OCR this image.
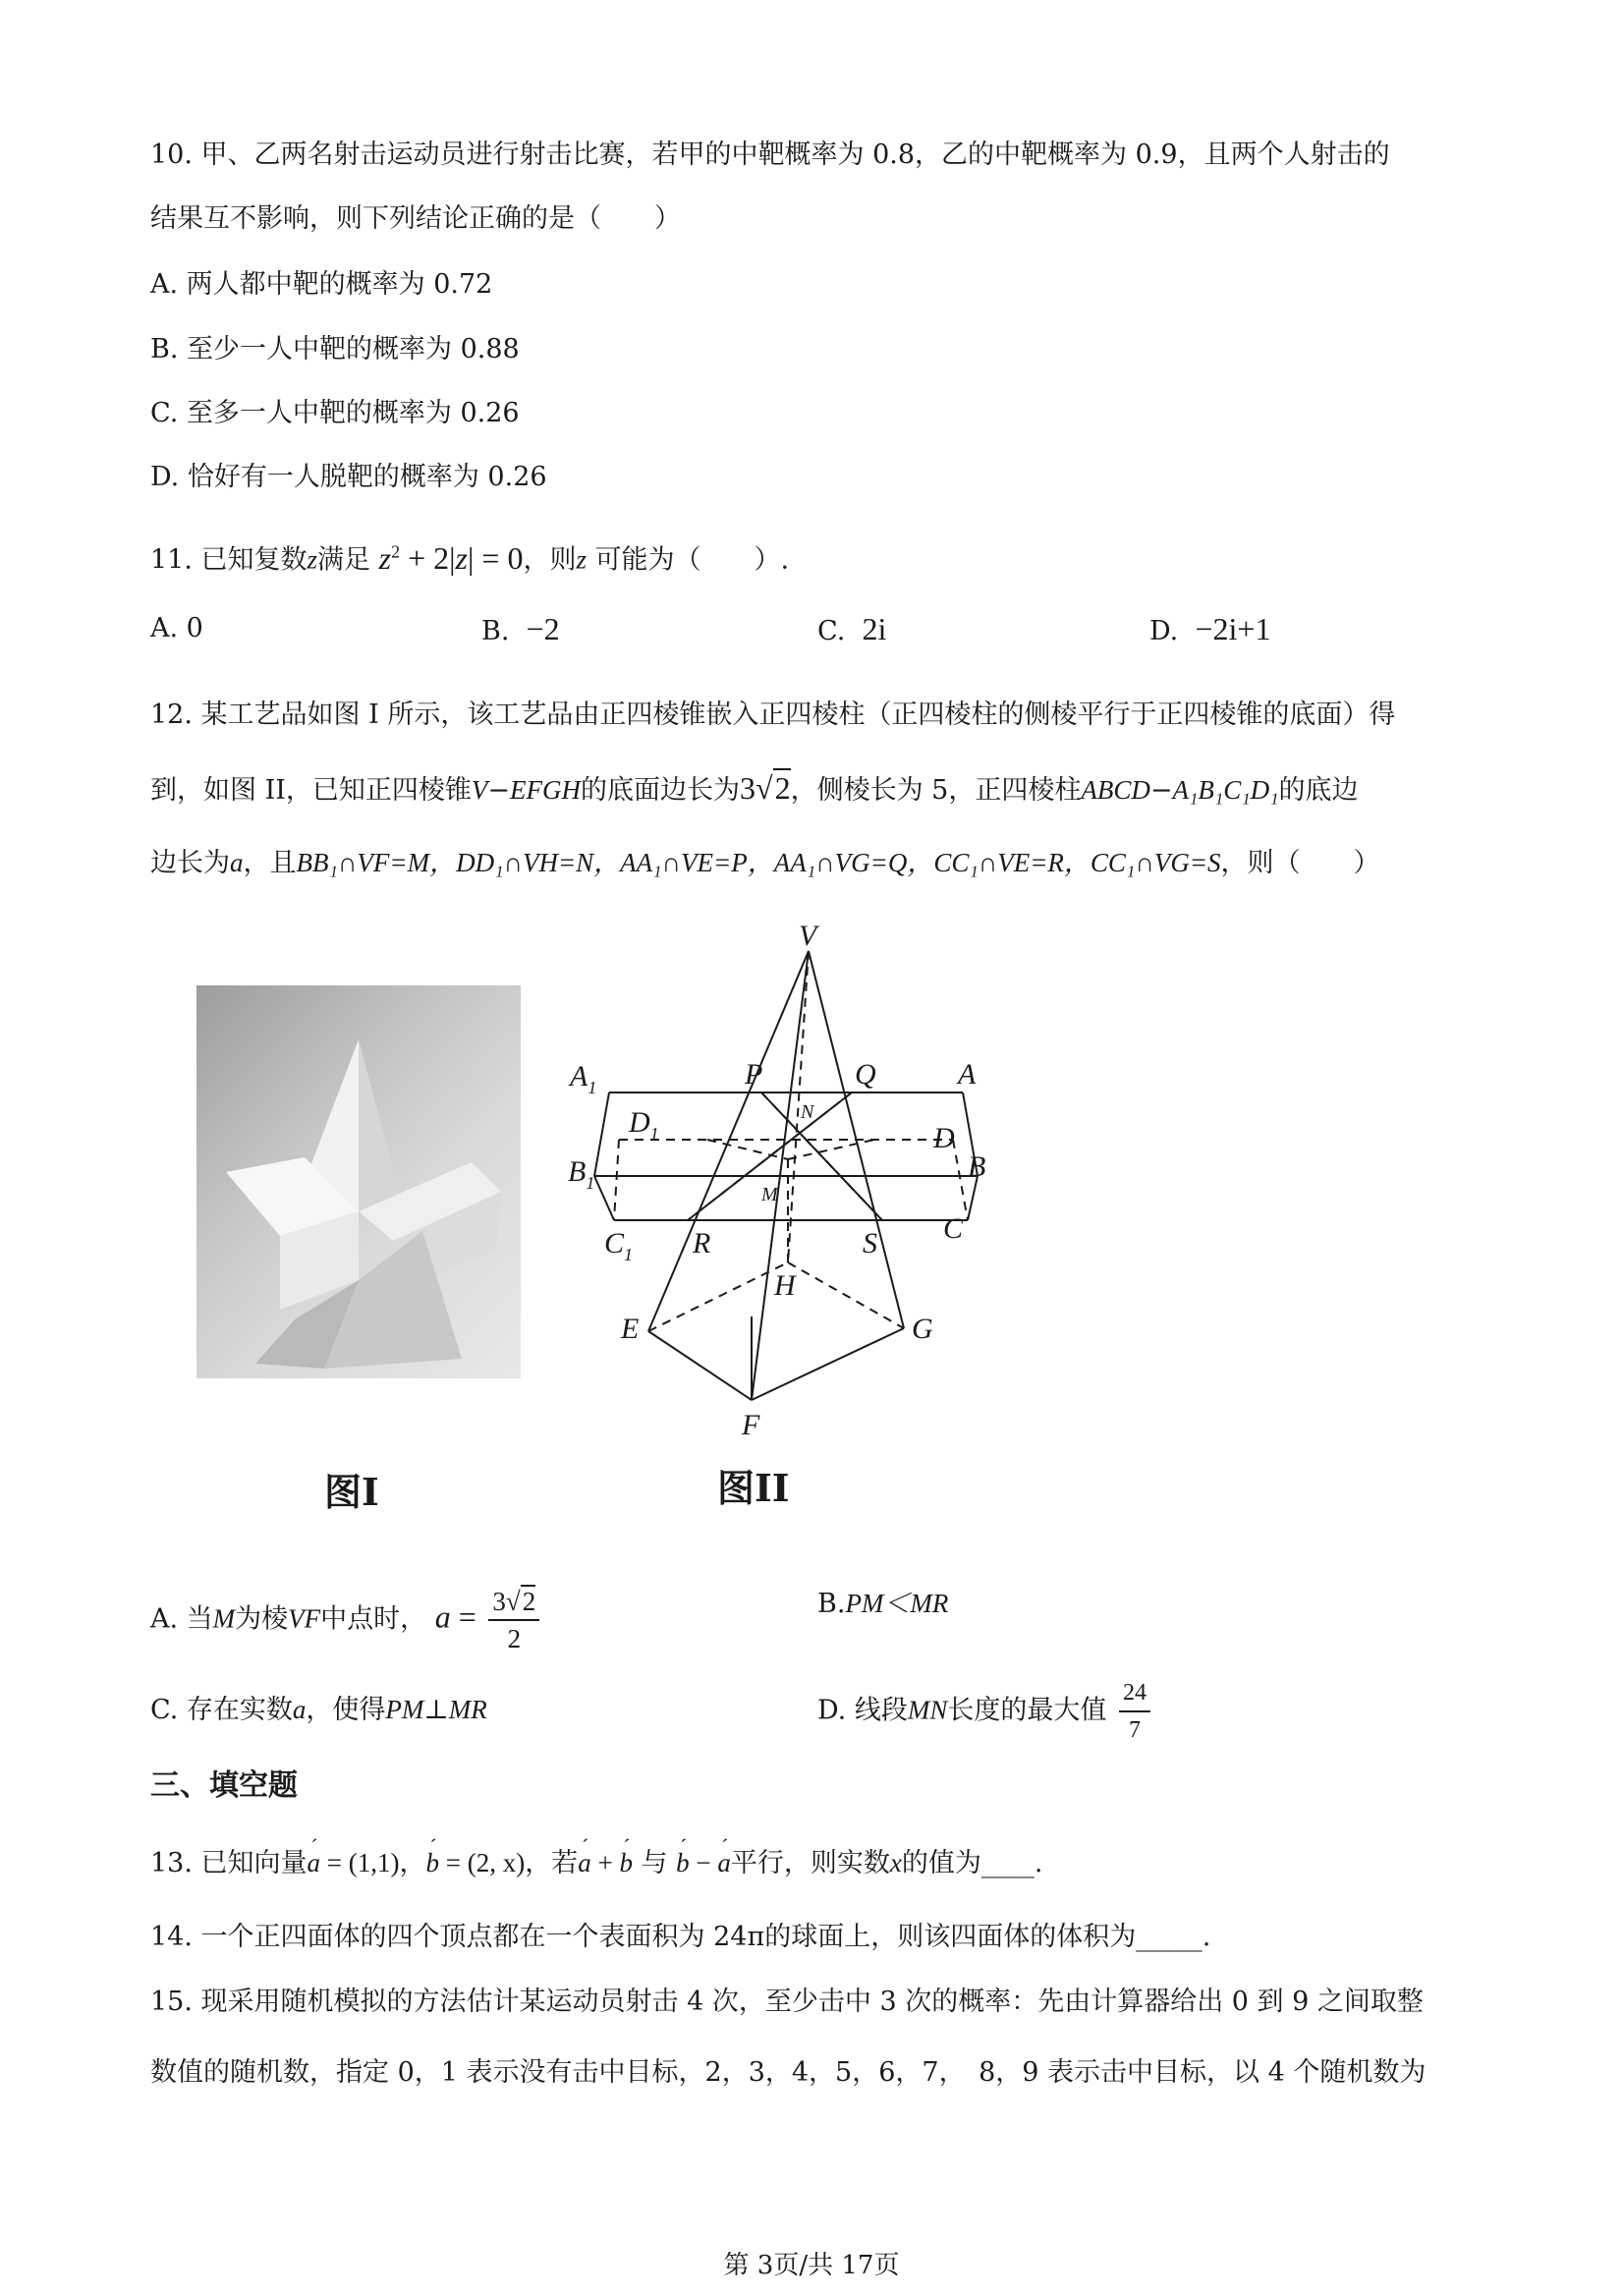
10. 甲、乙两名射击运动员进行射击比赛，若甲的中靶概率为 0.8，乙的中靶概率为 0.9，且两个人射击的
结果互不影响，则下列结论正确的是（　　）
A. 两人都中靶的概率为 0.72
B. 至少一人中靶的概率为 0.88
C. 至多一人中靶的概率为 0.26
D. 恰好有一人脱靶的概率为 0.26
11. 已知复数z满足 $z^2 + 2|z| = 0$，则z 可能为（　　）.
A. 0	B. −2	C. 2i	D. −2i+1
12. 某工艺品如图 I 所示，该工艺品由正四棱锥嵌入正四棱柱（正四棱柱的侧棱平行于正四棱锥的底面）得
到，如图 II，已知正四棱锥V−EFGH的底面边长为3√2，侧棱长为 5，正四棱柱ABCD−A₁B₁C₁D₁的底边
边长为a，且BB₁∩VF=M，DD₁∩VH=N，AA₁∩VE=P，AA₁∩VG=Q，CC₁∩VE=R，CC₁∩VG=S，则（　　）
图I
V
$A_1$	P	Q	A
$D_1$
N
D
$B_1$
M
B
$C_1$ R	S C
H
E	G
F
图II
A. 当M为棱VF中点时， $a = \frac{3√2}{2}$	B.PM＜MR
C. 存在实数a，使得PM⊥MR	D. 线段MN长度的最大值 $\frac{24}{7}$
三、填空题
13. 已知向量´ a = (1,1)，´ b = (2, x)，若´ a + ´ b 与 ´ b − ´ a平行，则实数x的值为____.
14. 一个正四面体的四个顶点都在一个表面积为 24π的球面上，则该四面体的体积为_____.
15. 现采用随机模拟的方法估计某运动员射击 4 次，至少击中 3 次的概率：先由计算器给出 0 到 9 之间取整
数值的随机数，指定 0，1 表示没有击中目标，2，3，4，5，6，7，　8，9 表示击中目标，以 4 个随机数为
第 3页/共 17页
